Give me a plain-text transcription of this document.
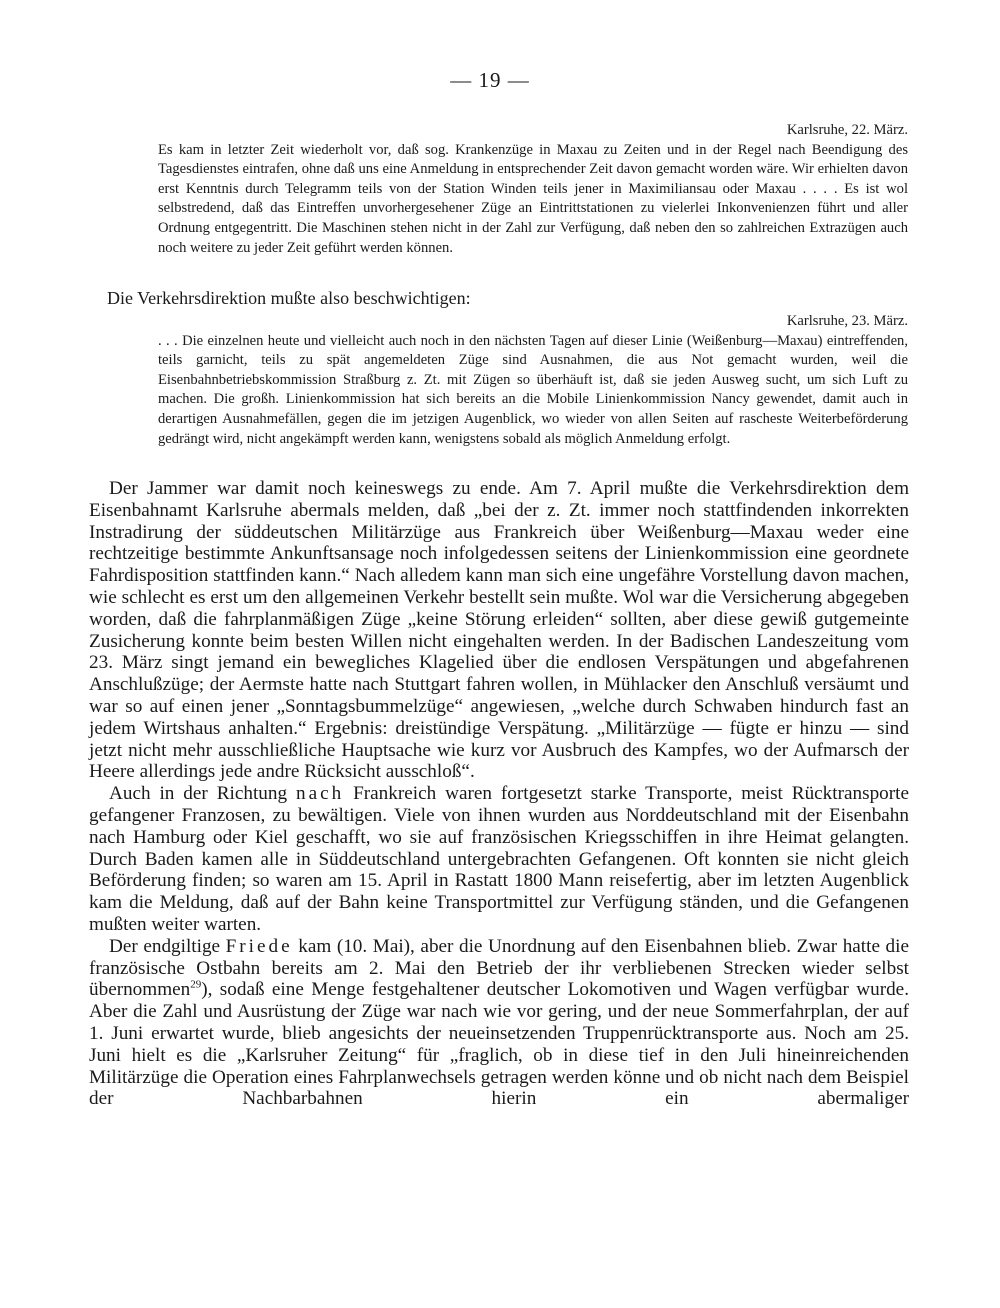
— 19 —
Karlsruhe, 22. März.

Es kam in letzter Zeit wiederholt vor, daß sog. Krankenzüge in Maxau zu Zeiten und in der Regel nach Beendigung des Tagesdienstes eintrafen, ohne daß uns eine Anmeldung in entsprechender Zeit davon gemacht worden wäre. Wir erhielten davon erst Kenntnis durch Telegramm teils von der Station Winden teils jener in Maximiliansau oder Maxau . . . . Es ist wol selbstredend, daß das Eintreffen unvorhergesehener Züge an Eintrittstationen zu vielerlei Inkonvenienzen führt und aller Ordnung entgegentritt. Die Maschinen stehen nicht in der Zahl zur Verfügung, daß neben den so zahlreichen Extrazügen auch noch weitere zu jeder Zeit geführt werden können.

Die Verkehrsdirektion mußte also beschwichtigen:
Karlsruhe, 23. März.

. . . Die einzelnen heute und vielleicht auch noch in den nächsten Tagen auf dieser Linie (Weißenburg—Maxau) eintreffenden, teils garnicht, teils zu spät angemeldeten Züge sind Ausnahmen, die aus Not gemacht wurden, weil die Eisenbahnbetriebskommission Straßburg z. Zt. mit Zügen so überhäuft ist, daß sie jeden Ausweg sucht, um sich Luft zu machen. Die großh. Linienkommission hat sich bereits an die Mobile Linienkommission Nancy gewendet, damit auch in derartigen Ausnahmefällen, gegen die im jetzigen Augenblick, wo wieder von allen Seiten auf rascheste Weiterbeförderung gedrängt wird, nicht angekämpft werden kann, wenigstens sobald als möglich Anmeldung erfolgt.

Der Jammer war damit noch keineswegs zu ende. Am 7. April mußte die Verkehrsdirektion dem Eisenbahnamt Karlsruhe abermals melden, daß „bei der z. Zt. immer noch stattfindenden inkorrekten Instradirung der süddeutschen Militärzüge aus Frankreich über Weißenburg—Maxau weder eine rechtzeitige bestimmte Ankunftsansage noch infolgedessen seitens der Linienkommission eine geordnete Fahrdisposition stattfinden kann.“ Nach alledem kann man sich eine ungefähre Vorstellung davon machen, wie schlecht es erst um den allgemeinen Verkehr bestellt sein mußte. Wol war die Versicherung abgegeben worden, daß die fahrplanmäßigen Züge „keine Störung erleiden“ sollten, aber diese gewiß gutgemeinte Zusicherung konnte beim besten Willen nicht eingehalten werden. In der Badischen Landeszeitung vom 23. März singt jemand ein bewegliches Klagelied über die endlosen Verspätungen und abgefahrenen Anschlußzüge; der Aermste hatte nach Stuttgart fahren wollen, in Mühlacker den Anschluß versäumt und war so auf einen jener „Sonntagsbummelzüge“ angewiesen, „welche durch Schwaben hindurch fast an jedem Wirtshaus anhalten.“ Ergebnis: dreistündige Verspätung. „Militärzüge — fügte er hinzu — sind jetzt nicht mehr ausschließliche Hauptsache wie kurz vor Ausbruch des Kampfes, wo der Aufmarsch der Heere allerdings jede andre Rücksicht ausschloß“.

Auch in der Richtung nach Frankreich waren fortgesetzt starke Transporte, meist Rücktransporte gefangener Franzosen, zu bewältigen. Viele von ihnen wurden aus Norddeutschland mit der Eisenbahn nach Hamburg oder Kiel geschafft, wo sie auf französischen Kriegsschiffen in ihre Heimat gelangten. Durch Baden kamen alle in Süddeutschland untergebrachten Gefangenen. Oft konnten sie nicht gleich Beförderung finden; so waren am 15. April in Rastatt 1800 Mann reisefertig, aber im letzten Augenblick kam die Meldung, daß auf der Bahn keine Transportmittel zur Verfügung ständen, und die Gefangenen mußten weiter warten.

Der endgiltige Friede kam (10. Mai), aber die Unordnung auf den Eisenbahnen blieb. Zwar hatte die französische Ostbahn bereits am 2. Mai den Betrieb der ihr verbliebenen Strecken wieder selbst übernommen$^{29}$), sodaß eine Menge festgehaltener deutscher Lokomotiven und Wagen verfügbar wurde. Aber die Zahl und Ausrüstung der Züge war nach wie vor gering, und der neue Sommerfahrplan, der auf 1. Juni erwartet wurde, blieb angesichts der neueinsetzenden Truppenrücktransporte aus. Noch am 25. Juni hielt es die „Karlsruher Zeitung“ für „fraglich, ob in diese tief in den Juli hineinreichenden Militärzüge die Operation eines Fahrplanwechsels getragen werden könne und ob nicht nach dem Beispiel der Nachbarbahnen hierin ein abermaliger
